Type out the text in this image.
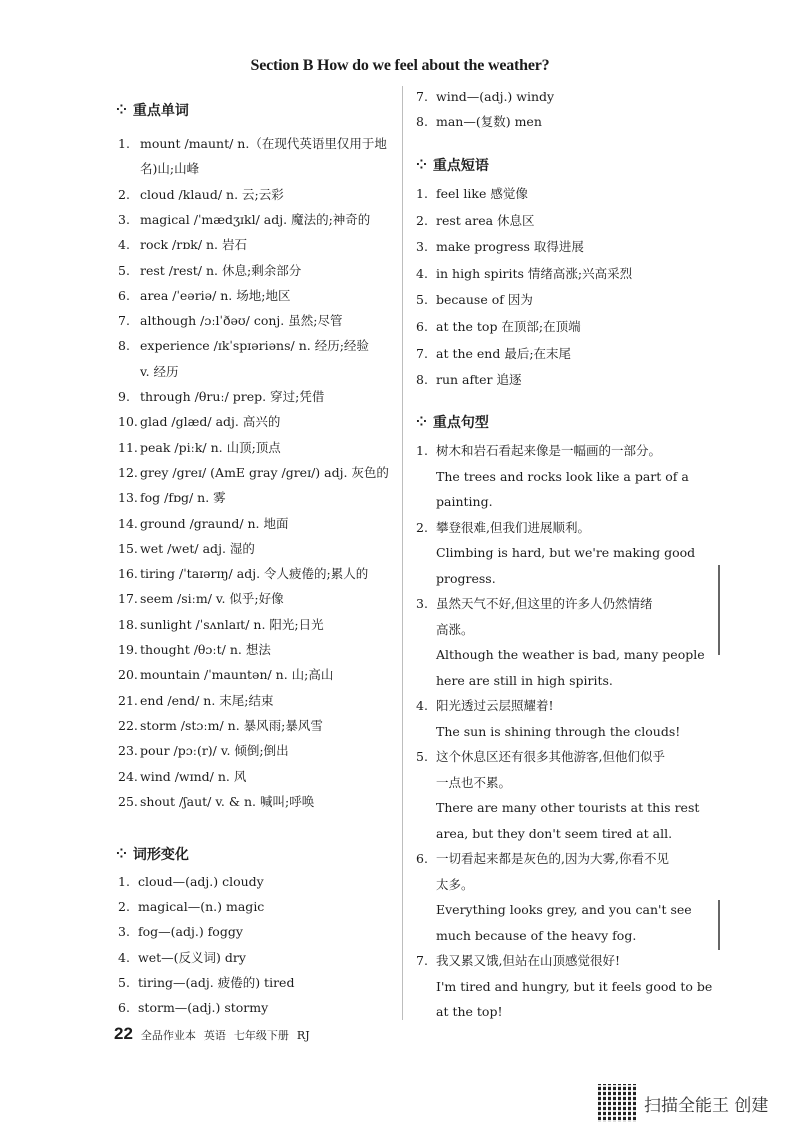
Section B How do we feel about the weather?
⁘ 重点单词
1. mount /maunt/ n.（在现代英语里仅用于地
名)山;山峰
2. cloud /klaud/ n. 云;云彩
3. magical /ˈmædʒɪkl/ adj. 魔法的;神奇的
4. rock /rɒk/ n. 岩石
5. rest /rest/ n. 休息;剩余部分
6. area /ˈeəriə/ n. 场地;地区
7. although /ɔːlˈðəʊ/ conj. 虽然;尽管
8. experience /ɪkˈspɪəriəns/ n. 经历;经验
v. 经历
9. through /θruː/ prep. 穿过;凭借
10. glad /glæd/ adj. 高兴的
11. peak /piːk/ n. 山顶;顶点
12. grey /greɪ/ (AmE gray /greɪ/) adj. 灰色的
13. fog /fɒg/ n. 雾
14. ground /graund/ n. 地面
15. wet /wet/ adj. 湿的
16. tiring /ˈtaɪərɪŋ/ adj. 令人疲倦的;累人的
17. seem /siːm/ v. 似乎;好像
18. sunlight /ˈsʌnlaɪt/ n. 阳光;日光
19. thought /θɔːt/ n. 想法
20. mountain /ˈmauntən/ n. 山;高山
21. end /end/ n. 末尾;结束
22. storm /stɔːm/ n. 暴风雨;暴风雪
23. pour /pɔː(r)/ v. 倾倒;倒出
24. wind /wɪnd/ n. 风
25. shout /ʃaut/ v. & n. 喊叫;呼唤
⁘ 词形变化
1. cloud—(adj.) cloudy
2. magical—(n.) magic
3. fog—(adj.) foggy
4. wet—(反义词) dry
5. tiring—(adj. 疲倦的) tired
6. storm—(adj.) stormy
7. wind—(adj.) windy
8. man—(复数) men
⁘ 重点短语
1. feel like 感觉像
2. rest area 休息区
3. make progress 取得进展
4. in high spirits 情绪高涨;兴高采烈
5. because of 因为
6. at the top 在顶部;在顶端
7. at the end 最后;在末尾
8. run after 追逐
⁘ 重点句型
1. 树木和岩石看起来像是一幅画的一部分。
The trees and rocks look like a part of a
painting.
2. 攀登很难,但我们进展顺利。
Climbing is hard, but we're making good
progress.
3. 虽然天气不好,但这里的许多人仍然情绪
高涨。
Although the weather is bad, many people
here are still in high spirits.
4. 阳光透过云层照耀着!
The sun is shining through the clouds!
5. 这个休息区还有很多其他游客,但他们似乎
一点也不累。
There are many other tourists at this rest
area, but they don't seem tired at all.
6. 一切看起来都是灰色的,因为大雾,你看不见
太多。
Everything looks grey, and you can't see
much because of the heavy fog.
7. 我又累又饿,但站在山顶感觉很好!
I'm tired and hungry, but it feels good to be
at the top!
22 全品作业本 英语 七年级下册 RJ
扫描全能王 创建
